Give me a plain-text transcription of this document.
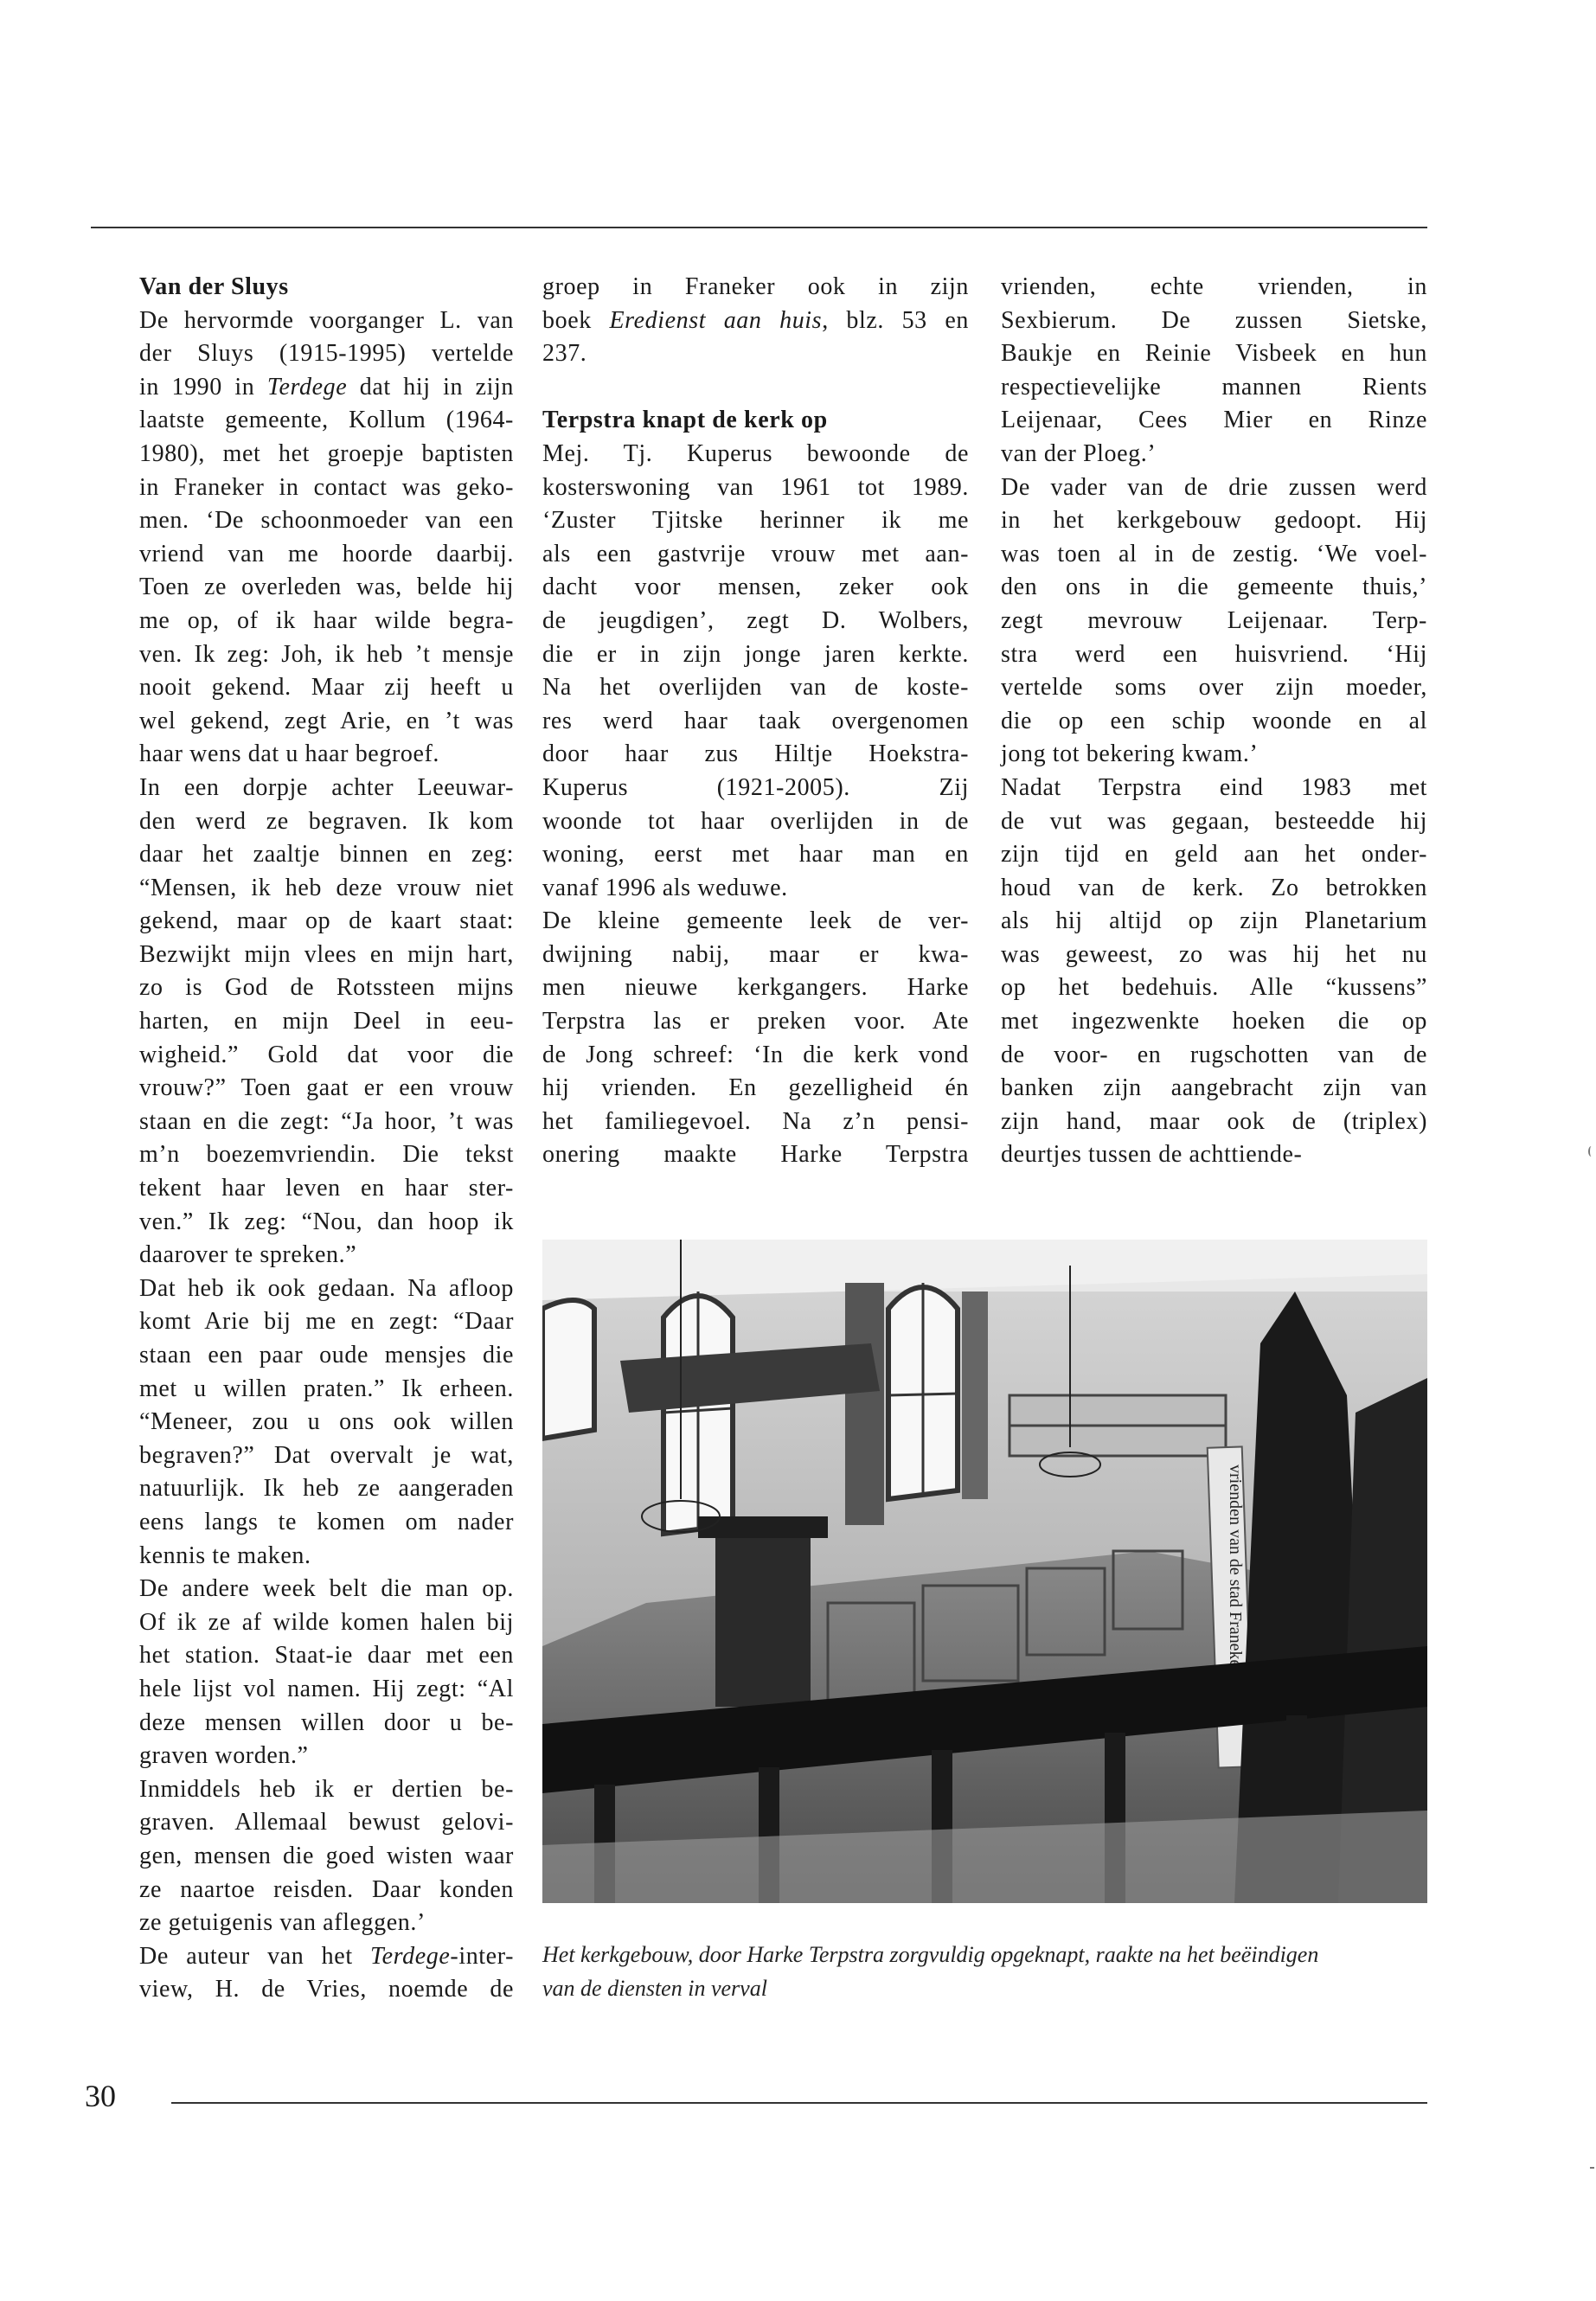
Van der Sluys
De hervormde voorganger L. van
der Sluys (1915-1995) vertelde
in 1990 in Terdege dat hij in zijn
laatste gemeente, Kollum (1964-
1980), met het groepje baptisten
in Franeker in contact was geko-
men. ‘De schoonmoeder van een
vriend van me hoorde daarbij.
Toen ze overleden was, belde hij
me op, of ik haar wilde begra-
ven. Ik zeg: Joh, ik heb ’t mensje
nooit gekend. Maar zij heeft u
wel gekend, zegt Arie, en ’t was
haar wens dat u haar begroef.
In een dorpje achter Leeuwar-
den werd ze begraven. Ik kom
daar het zaaltje binnen en zeg:
“Mensen, ik heb deze vrouw niet
gekend, maar op de kaart staat:
Bezwijkt mijn vlees en mijn hart,
zo is God de Rotssteen mijns
harten, en mijn Deel in eeu-
wigheid.” Gold dat voor die
vrouw?” Toen gaat er een vrouw
staan en die zegt: “Ja hoor, ’t was
m’n boezemvriendin. Die tekst
tekent haar leven en haar ster-
ven.” Ik zeg: “Nou, dan hoop ik
daarover te spreken.”
Dat heb ik ook gedaan. Na afloop
komt Arie bij me en zegt: “Daar
staan een paar oude mensjes die
met u willen praten.” Ik erheen.
“Meneer, zou u ons ook willen
begraven?” Dat overvalt je wat,
natuurlijk. Ik heb ze aangeraden
eens langs te komen om nader
kennis te maken.
De andere week belt die man op.
Of ik ze af wilde komen halen bij
het station. Staat-ie daar met een
hele lijst vol namen. Hij zegt: “Al
deze mensen willen door u be-
graven worden.”
Inmiddels heb ik er dertien be-
graven. Allemaal bewust gelovi-
gen, mensen die goed wisten waar
ze naartoe reisden. Daar konden
ze getuigenis van afleggen.’
De auteur van het Terdege-inter-
view, H. de Vries, noemde de
groep in Franeker ook in zijn
boek Eredienst aan huis, blz. 53 en
237.
Terpstra knapt de kerk op
Mej. Tj. Kuperus bewoonde de
kosterswoning van 1961 tot 1989.
‘Zuster Tjitske herinner ik me
als een gastvrije vrouw met aan-
dacht voor mensen, zeker ook
de jeugdigen’, zegt D. Wolbers,
die er in zijn jonge jaren kerkte.
Na het overlijden van de koste-
res werd haar taak overgenomen
door haar zus Hiltje Hoekstra-
Kuperus (1921-2005). Zij
woonde tot haar overlijden in de
woning, eerst met haar man en
vanaf 1996 als weduwe.
De kleine gemeente leek de ver-
dwijning nabij, maar er kwa-
men nieuwe kerkgangers. Harke
Terpstra las er preken voor. Ate
de Jong schreef: ‘In die kerk vond
hij vrienden. En gezelligheid én
het familiegevoel. Na z’n pensi-
onering maakte Harke Terpstra
vrienden, echte vrienden, in
Sexbierum. De zussen Sietske,
Baukje en Reinie Visbeek en hun
respectievelijke mannen Rients
Leijenaar, Cees Mier en Rinze
van der Ploeg.’
De vader van de drie zussen werd
in het kerkgebouw gedoopt. Hij
was toen al in de zestig. ‘We voel-
den ons in die gemeente thuis,’
zegt mevrouw Leijenaar. Terp-
stra werd een huisvriend. ‘Hij
vertelde soms over zijn moeder,
die op een schip woonde en al
jong tot bekering kwam.’
Nadat Terpstra eind 1983 met
de vut was gegaan, besteedde hij
zijn tijd en geld aan het onder-
houd van de kerk. Zo betrokken
als hij altijd op zijn Planetarium
was geweest, zo was hij het nu
op het bedehuis. Alle “kussens”
met ingezwenkte hoeken die op
de voor- en rugschotten van de
banken zijn aangebracht zijn van
zijn hand, maar ook de (triplex)
deurtjes tussen de achttiende-
vrienden van de stad Franeker
Het kerkgebouw, door Harke Terpstra zorgvuldig opgeknapt, raakte na het beëindigen
van de diensten in verval
30
